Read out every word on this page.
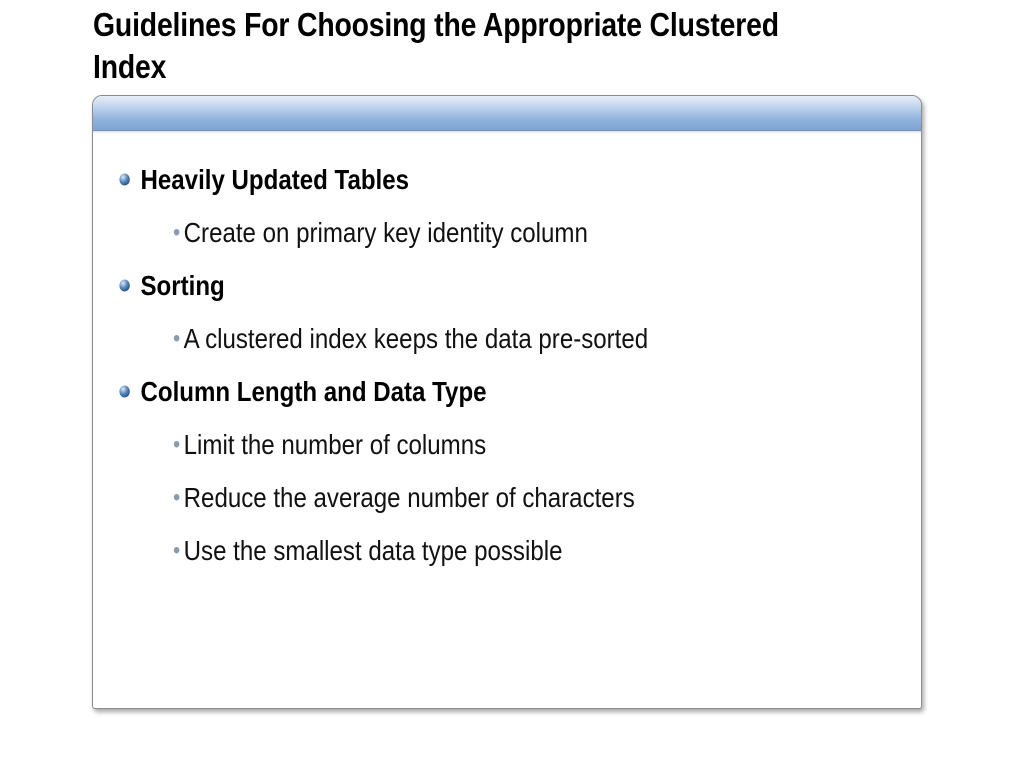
Guidelines For Choosing the Appropriate Clustered Index
Heavily Updated Tables
• Create on primary key identity column
Sorting
• A clustered index keeps the data pre-sorted
Column Length and Data Type
• Limit the number of columns
• Reduce the average number of characters
• Use the smallest data type possible
